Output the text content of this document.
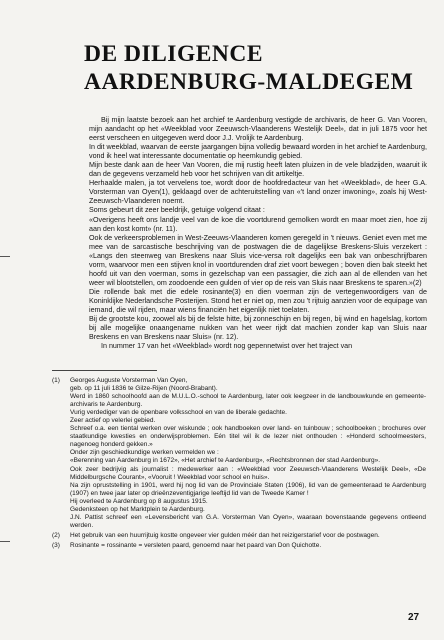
DE DILIGENCE
AARDENBURG-MALDEGEM

Bij mijn laatste bezoek aan het archief te Aardenburg vestigde de archivaris, de heer G. Van Vooren, mijn aandacht op het «Weekblad voor Zeeuwsch-Vlaanderens Westelijk Deel», dat in juli 1875 voor het eerst verscheen en uitgegeven werd door J.J. Vrolijk te Aardenburg.

In dit weekblad, waarvan de eerste jaargangen bijna volledig bewaard worden in het archief te Aardenburg, vond ik heel wat interessante documentatie op heemkundig gebied.

Mijn beste dank aan de heer Van Vooren, die mij rustig heeft laten pluizen in de vele bladzijden, waaruit ik dan de gegevens verzameld heb voor het schrijven van dit artikeltje.

Herhaalde malen, ja tot vervelens toe, wordt door de hoofdredacteur van het «Weekblad», de heer G.A. Vorsterman van Oyen(1), geklaagd over de achteruitstelling van «'t land onzer inwoning», zoals hij West-Zeeuwsch-Vlaanderen noemt.

Soms gebeurt dit zeer beeldrijk, getuige volgend citaat :

«Overigens heeft ons landje veel van de koe die voortdurend gemolken wordt en maar moet zien, hoe zij aan den kost komt» (nr. 11).

Ook de verkeersproblemen in West-Zeeuws-Vlaanderen komen geregeld in 't nieuws. Geniet even met me mee van de sarcastische beschrijving van de postwagen die de dagelijkse Breskens-Sluis verzekert : «Langs den steenweg van Breskens naar Sluis vice-versa rolt dagelijks een bak van onbeschrijfbaren vorm, waarvoor men een stijven knol in voortdurenden draf ziet voort bewegen ; boven dien bak steekt het hoofd uit van den voerman, soms in gezelschap van een passagier, die zich aan al de ellenden van het weer wil blootstellen, om zoodoende een gulden of vier op de reis van Sluis naar Breskens te sparen.»(2)

Die rollende bak met die edele rosinante(3) en dien voerman zijn de vertegenwoordigers van de Koninklijke Nederlandsche Posterijen. Stond het er niet op, men zou 't rijtuig aanzien voor de equipage van iemand, die wil rijden, maar wiens financiën het eigenlijk niet toelaten.

Bij de grootste kou, zoowel als bij de felste hitte, bij zonneschijn en bij regen, bij wind en hagelslag, kortom bij alle mogelijke onaangename nukken van het weer rijdt dat machien zonder kap van Sluis naar Breskens en van Breskens naar Sluis» (nr. 12).

In nummer 17 van het «Weekblad» wordt nog gepennetwist over het traject van

(1)	Georges Auguste Vorsterman Van Oyen,
geb. op 11 juli 1836 te Gilze-Rijen (Noord-Brabant).
Werd in 1860 schoolhoofd aan de M.U.L.O.-school te Aardenburg, later ook leegzeer in de landbouwkunde en gemeente-archivaris te Aardenburg.
Vurig verdediger van de openbare volksschool en van de liberale gedachte.
Zeer actief op velerlei gebied.
Schreef o.a. een tiental werken over wiskunde ; ook handboeken over land- en tuinbouw ; schoolboeken ; brochures over staatkundige kwesties en onderwijsproblemen. Eén titel wil ik de lezer niet onthouden : «Honderd schoolmeesters, nagenoeg honderd gekken.»
Onder zijn geschiedkundige werken vermelden we :
«Berenning van Aardenburg in 1672», «Het archief te Aardenburg», «Rechtsbronnen der stad Aardenburg».
Ook zeer bedrijvig als journalist : medewerker aan : «Weekblad voor Zeeuwsch-Vlaanderens Westelijk Deel», «De Middelburgsche Courant», «Vooruit ! Weekblad voor school en huis».
Na zijn opruststelling in 1901, werd hij nog lid van de Provinciale Staten (1906), lid van de gemeenteraad te Aardenburg (1907) en twee jaar later op drieënzeventigjarige leeftijd lid van de Tweede Kamer !
Hij overleed te Aardenburg op 8 augustus 1915.
Gedenksteen op het Marktplein te Aardenburg.
J.N. Pattist schreef een «Levensbericht van G.A. Vorsterman Van Oyen», waaraan bovenstaande gegevens ontleend werden.
(2)	Het gebruik van een huurrijtuig kostte ongeveer vier gulden méér dan het reizigerstarief voor de postwagen.
(3)	Rosinante = rossinante = versleten paard, genoemd naar het paard van Don Quichotte.
27
